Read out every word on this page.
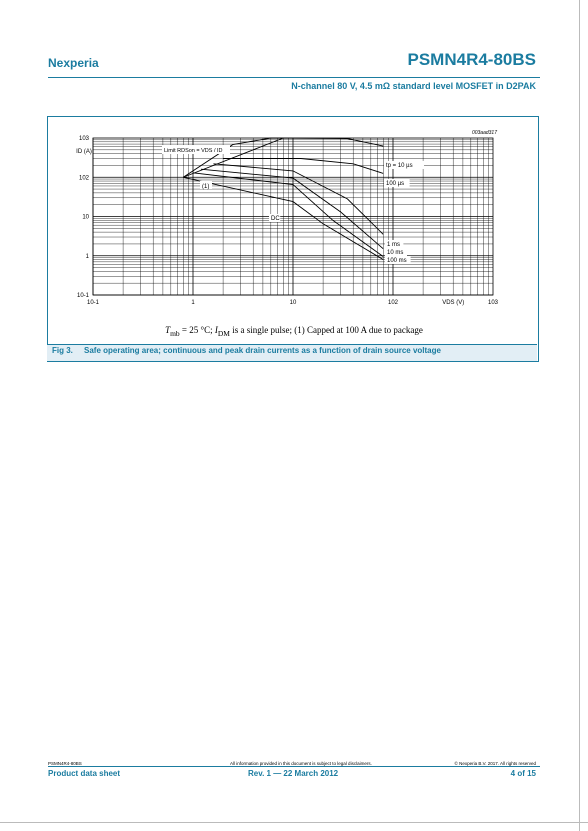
Nexperia	PSMN4R4-80BS
N-channel 80 V, 4.5 mΩ standard level MOSFET in D2PAK
Fig 3. Safe operating area; continuous and peak drain currents as a function of drain source voltage
10-1	1	10	102	103
103
102
10
1
10-1
VDS (V)
ID (A)
003aad317
tp = 10 µs
100 µs
1 ms
10 ms
100 ms
DC
Limit RDSon = VDS / ID
(1)
$T_{mb} = 25$ °C; $I_{DM}$ is a single pulse; (1) Capped at 100 A due to package
PSMN4R4-80BS	All information provided in this document is subject to legal disclaimers.	© Nexperia B.V. 2017. All rights reserved
Product data sheet	Rev. 1 — 22 March 2012	4 of 15
